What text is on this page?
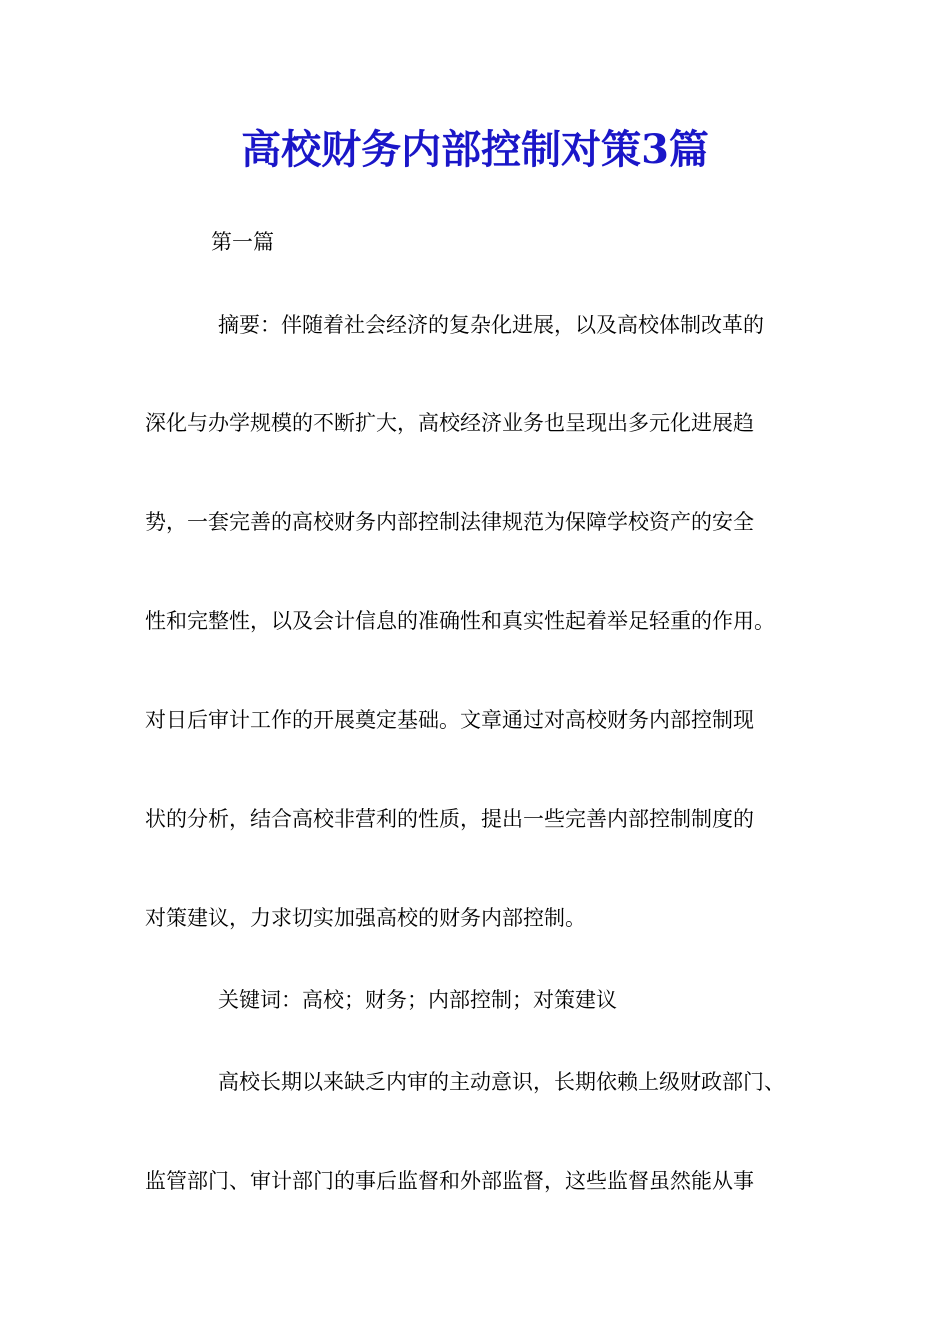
高校财务内部控制对策3篇

第一篇

摘要：伴随着社会经济的复杂化进展，以及高校体制改革的

深化与办学规模的不断扩大，高校经济业务也呈现出多元化进展趋

势，一套完善的高校财务内部控制法律规范为保障学校资产的安全

性和完整性，以及会计信息的准确性和真实性起着举足轻重的作用。

对日后审计工作的开展奠定基础。文章通过对高校财务内部控制现

状的分析，结合高校非营利的性质，提出一些完善内部控制制度的

对策建议，力求切实加强高校的财务内部控制。

关键词：高校；财务；内部控制；对策建议

高校长期以来缺乏内审的主动意识，长期依赖上级财政部门、

监管部门、审计部门的事后监督和外部监督，这些监督虽然能从事
